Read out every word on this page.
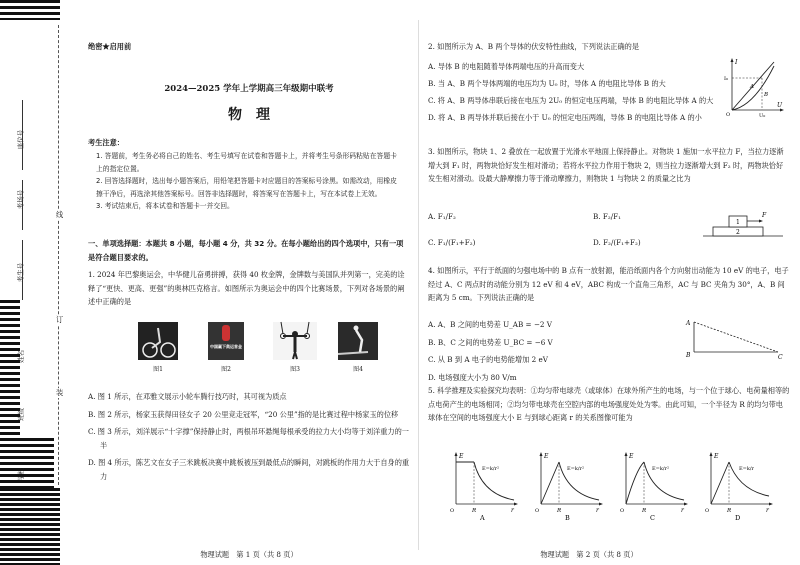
座位号
考场号
考生号
姓名
班级
学校
线
订
装
绝密★启用前
2024—2025 学年上学期高三年级期中联考
物　理
考生注意：
1. 答题前，考生务必将自己的姓名、考生号填写在试卷和答题卡上，并将考生号条形码粘贴在答题卡上的指定位置。
2. 回答选择题时，选出每小题答案后，用铅笔把答题卡对应题目的答案标号涂黑。如需改动，用橡皮擦干净后，再选涂其他答案标号。回答非选择题时，将答案写在答题卡上，写在本试卷上无效。
3. 考试结束后，将本试卷和答题卡一并交回。
一、单项选择题：本题共 8 小题，每小题 4 分，共 32 分。在每小题给出的四个选项中，只有一项是符合题目要求的。
1. 2024 年巴黎奥运会，中华健儿奋勇拼搏，获得 40 枚金牌，金牌数与美国队并列第一，完美的诠释了“更快、更高、更强”的奥林匹克格言。如图所示为奥运会中的四个比赛场景，下列对各场景的阐述中正确的是
图1
中国赢下奥运首金
图2	图3	图4
A. 图 1 所示，在邓雅文展示小轮车腾行技巧时，其可视为质点
B. 图 2 所示，杨家玉获得田径女子 20 公里竞走冠军，“20 公里”指的是比赛过程中杨家玉的位移
C. 图 3 所示，刘洋展示“十字撑”保持静止时，两根吊环悬绳每根承受的拉力大小均等于刘洋重力的一半
D. 图 4 所示，陈艺文在女子三米跳板决赛中跳板被压到最低点的瞬间，对跳板的作用力大于自身的重力
物理试题　第 1 页（共 8 页）
2. 如图所示为 A、B 两个导体的伏安特性曲线，下列说法正确的是
A. 导体 B 的电阻随着导体两端电压的升高而变大
B. 当 A、B 两个导体两端的电压均为 U₀ 时，导体 A 的电阻比导体 B 的大
C. 将 A、B 两导体串联后接在电压为 2U₀ 的恒定电压两端，导体 B 的电阻比导体 A 的大
D. 将 A、B 两导体并联后接在小于 U₀ 的恒定电压两端，导体 B 的电阻比导体 A 的小
I
U
I₀
U₀
O
A
B
3. 如图所示，物块 1、2 叠放在一起放置于光滑水平地面上保持静止。对物块 1 施加一水平拉力 F，当拉力逐渐增大到 F₁ 时，两物块恰好发生相对滑动；若将水平拉力作用于物块 2，则当拉力逐渐增大到 F₂ 时，两物块恰好发生相对滑动。设最大静摩擦力等于滑动摩擦力，则物块 1 与物块 2 的质量之比为
A. F₁/F₂	B. F₂/F₁
C. F₁/(F₁+F₂)	D. F₂/(F₁+F₂)
1
2
F
4. 如图所示，平行于纸面的匀强电场中的 B 点有一放射源，能沿纸面内各个方向射出动能为 10 eV 的电子，电子经过 A、C 两点时的动能分别为 12 eV 和 4 eV，ABC 构成一个直角三角形，AC 与 BC 夹角为 30°，A、B 间距离为 5 cm。下列说法正确的是
A. A、B 之间的电势差 U_AB = −2 V
B. B、C 之间的电势差 U_BC = −6 V
C. 从 B 到 A 电子的电势能增加 2 eV
D. 电场强度大小为 80 V/m
A
B	C
5. 科学推理及实验探究均表明：①均匀带电球壳（或球体）在球外所产生的电场，与一个位于球心、电荷量相等的点电荷产生的电场相同；②均匀带电球壳在空腔内部的电场强度处处为零。由此可知，一个半径为 R 的均匀带电球体在空间的电场强度大小 E 与到球心距离 r 的关系图像可能为
E
r
O	R
E=k/r²
A
E
r
O	R
E=k/r²
B
E
r
O	R
E=k/r²
C
E
r
O	R
E=k/r
D
物理试题　第 2 页（共 8 页）
